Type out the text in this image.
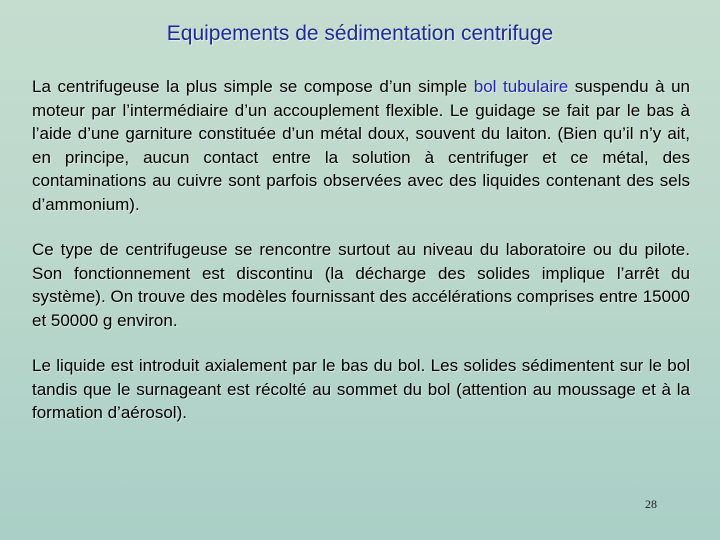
Equipements de sédimentation centrifuge

La centrifugeuse la plus simple se compose d’un simple bol tubulaire suspendu à un moteur par l’intermédiaire d’un accouplement flexible. Le guidage se fait par le bas à l’aide d’une garniture constituée d’un métal doux, souvent du laiton. (Bien qu’il n’y ait, en principe, aucun contact entre la solution à centrifuger et ce métal, des contaminations au cuivre sont parfois observées avec des liquides contenant des sels d’ammonium).

Ce type de centrifugeuse se rencontre surtout au niveau du laboratoire ou du pilote. Son fonctionnement est discontinu (la décharge des solides implique l’arrêt du système). On trouve des modèles fournissant des accélérations comprises entre 15000 et 50000 g environ.

Le liquide est introduit axialement par le bas du bol. Les solides sédimentent sur le bol tandis que le surnageant est récolté au sommet du bol (attention au moussage et à la formation d’aérosol).

28
